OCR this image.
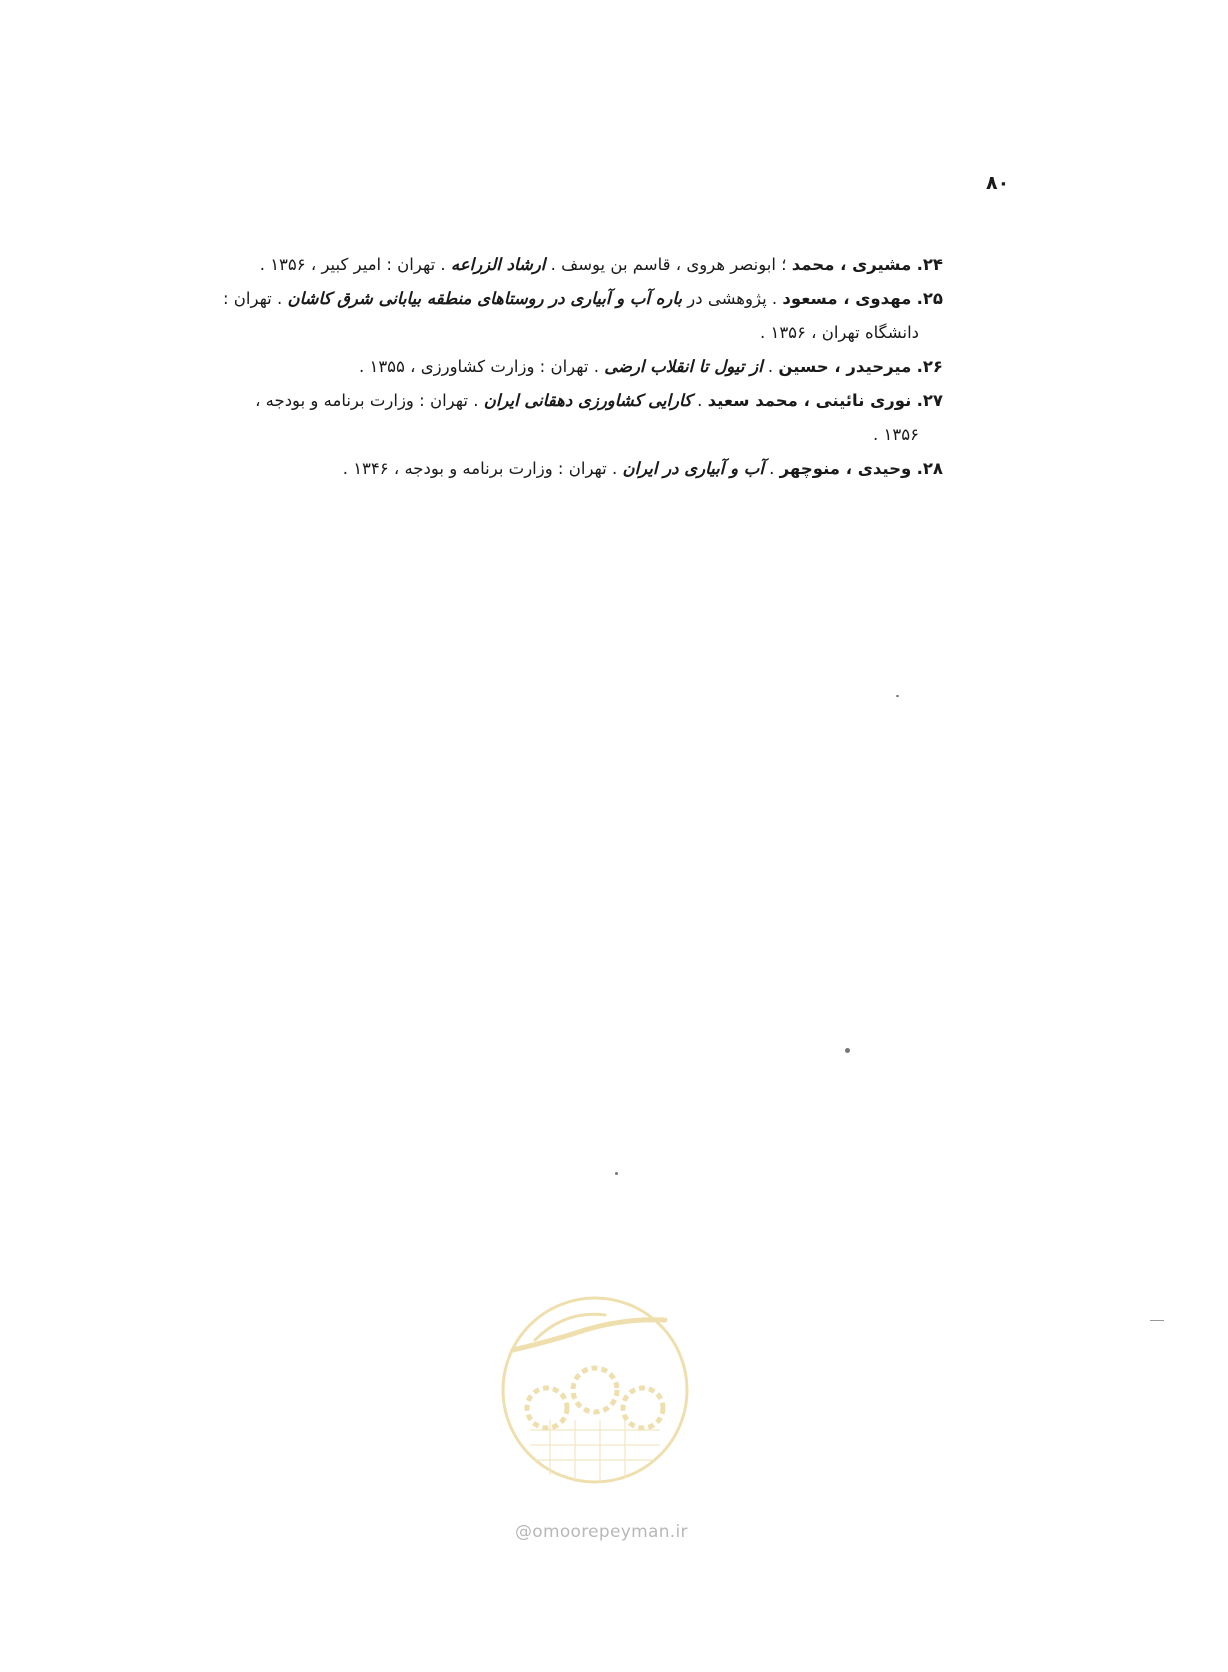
۸۰

۲۴. مشیری ، محمد ؛ ابونصر هروی ، قاسم بن یوسف . ارشاد الزراعه . تهران : امیر کبیر ، ۱۳۵۶ .

۲۵. مهدوی ، مسعود . پژوهشی در باره آب و آبیاری در روستاهای منطقه بیابانی شرق کاشان . تهران :
دانشگاه تهران ، ۱۳۵۶ .

۲۶. میرحیدر ، حسین . از تیول تا انقلاب ارضی . تهران : وزارت کشاورزی ، ۱۳۵۵ .

۲۷. نوری نائینی ، محمد سعید . کارایی کشاورزی دهقانی ایران . تهران : وزارت برنامه و بودجه ،
۱۳۵۶ .

۲۸. وحیدی ، منوچهر . آب و آبیاری در ایران . تهران : وزارت برنامه و بودجه ، ۱۳۴۶ .

@omoorepeyman.ir
